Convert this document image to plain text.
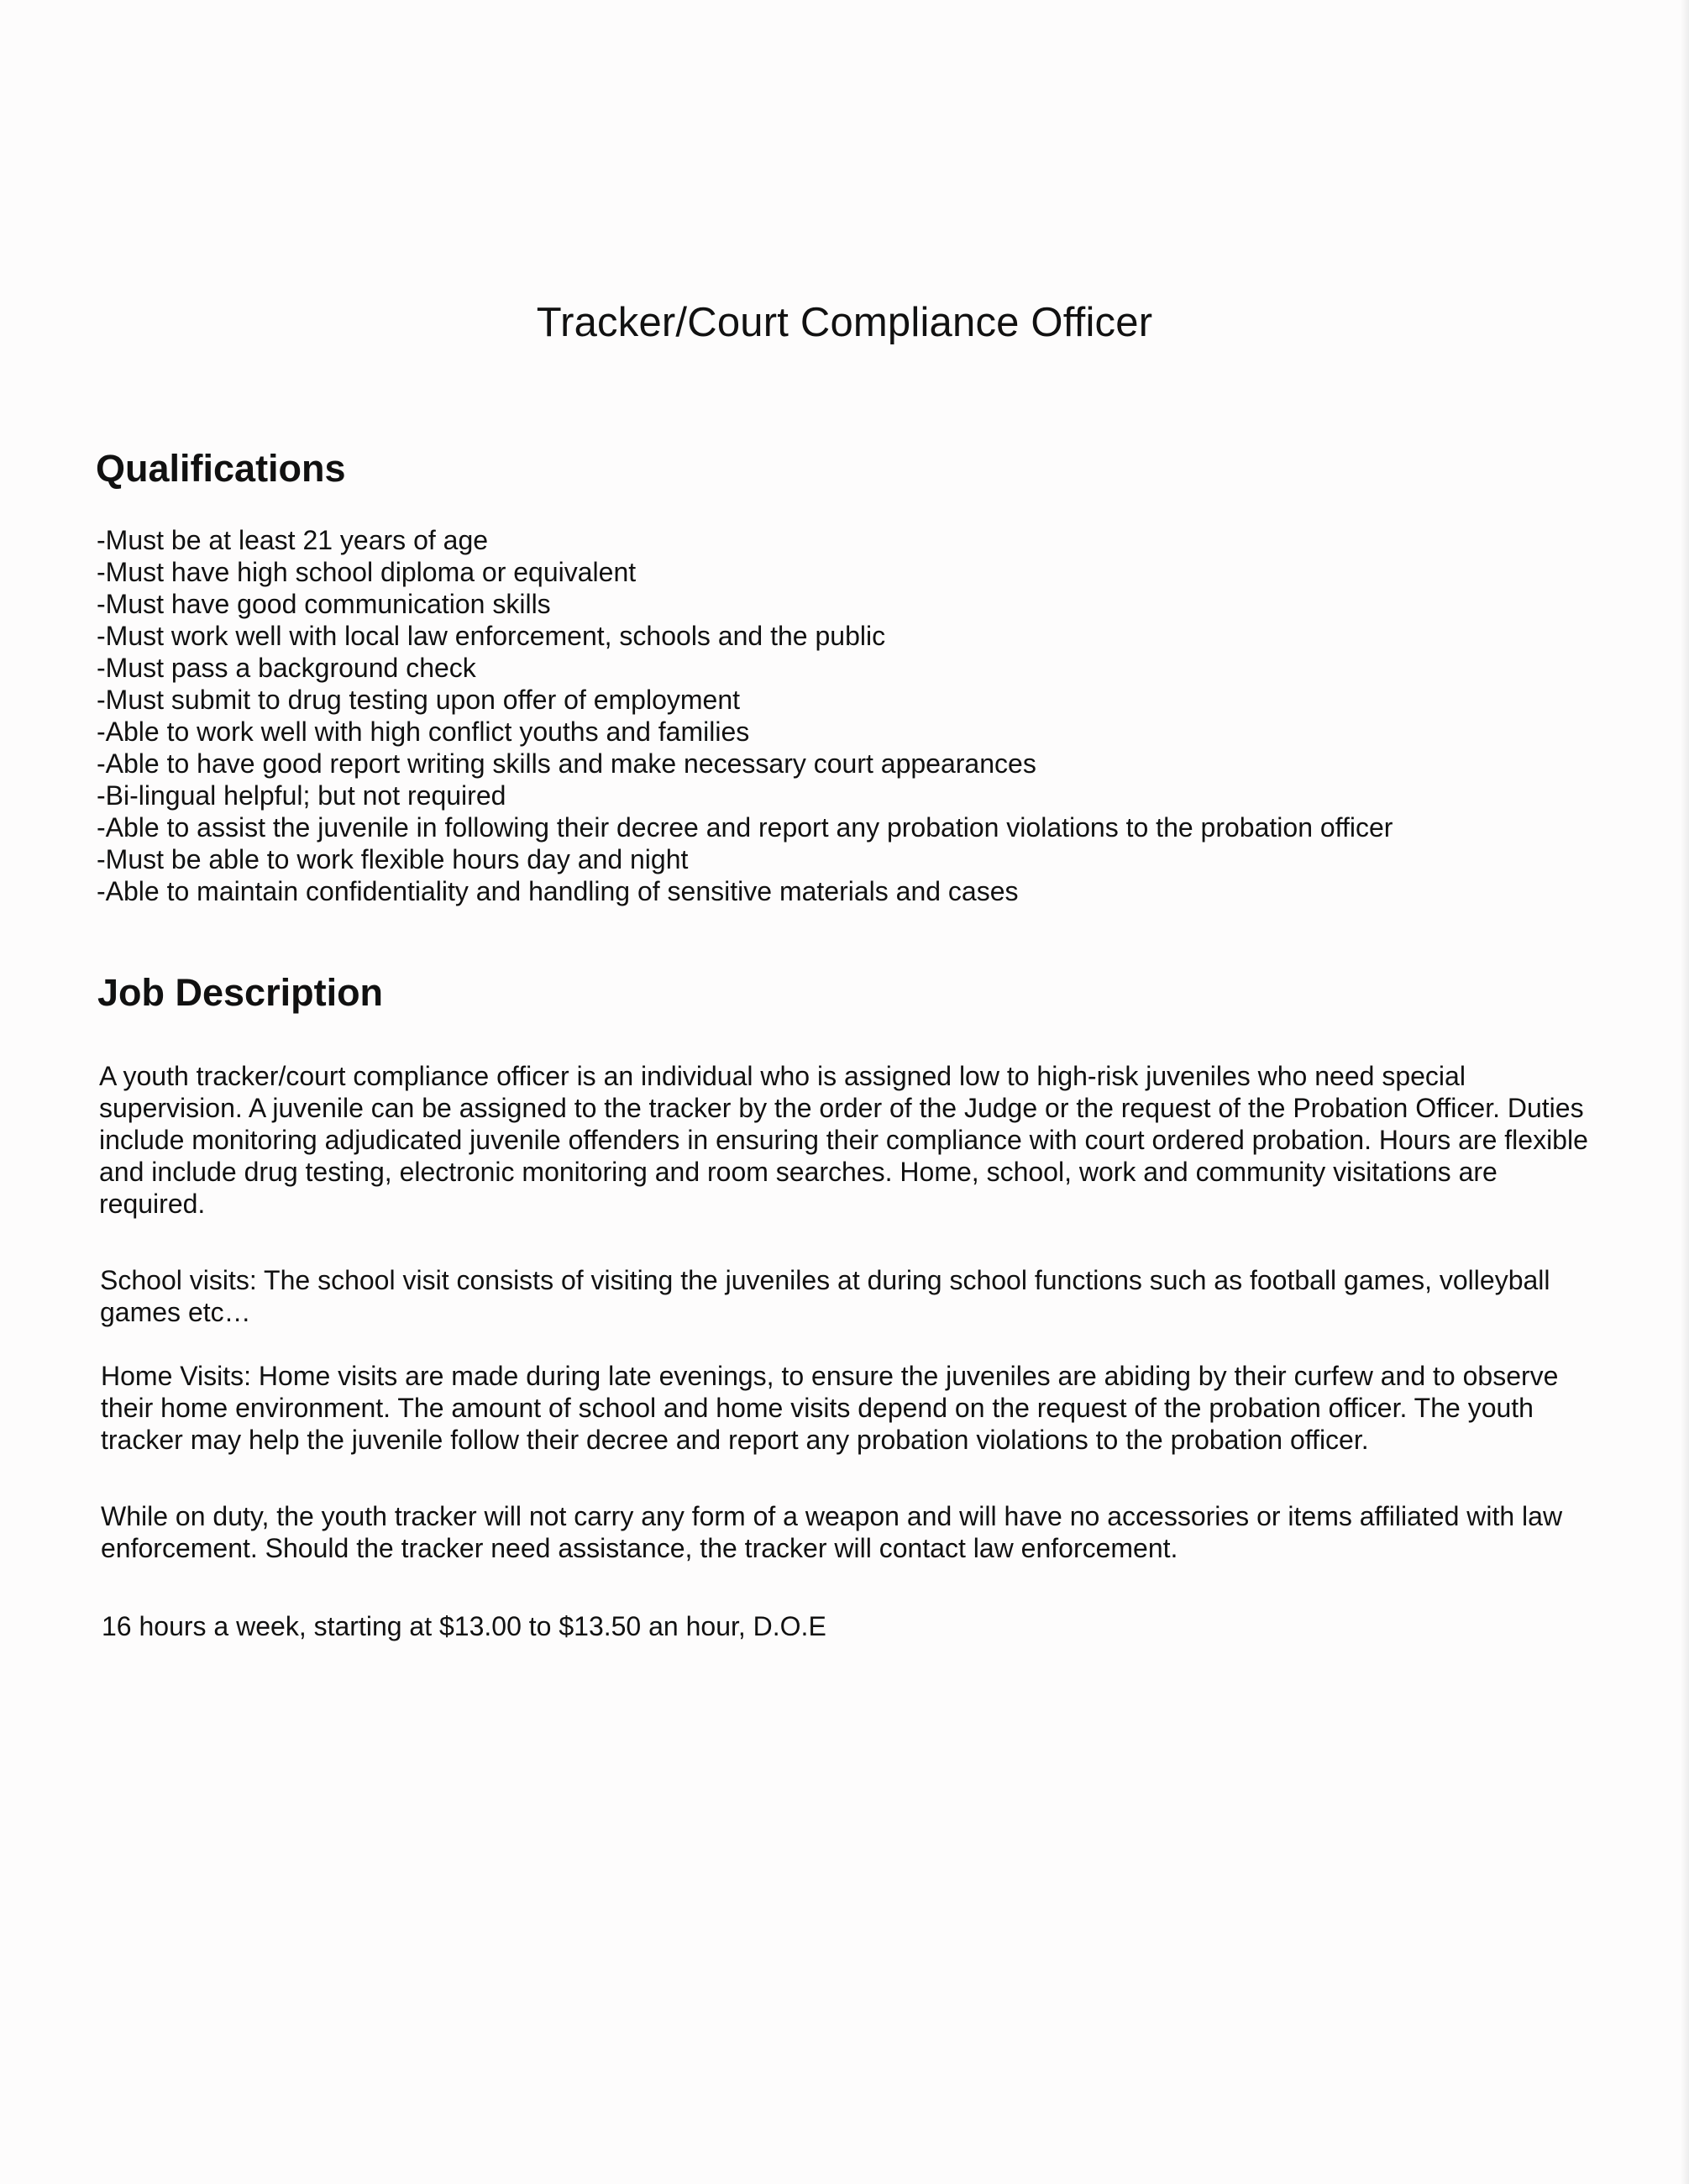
Tracker/Court Compliance Officer
Qualifications
-Must be at least 21 years of age
-Must have high school diploma or equivalent
-Must have good communication skills
-Must work well with local law enforcement, schools and the public
-Must pass a background check
-Must submit to drug testing upon offer of employment
-Able to work well with high conflict youths and families
-Able to have good report writing skills and make necessary court appearances
-Bi-lingual helpful; but not required
-Able to assist the juvenile in following their decree and report any probation violations to the probation officer
-Must be able to work flexible hours day and night
-Able to maintain confidentiality and handling of sensitive materials and cases
Job Description

A youth tracker/court compliance officer is an individual who is assigned low to high-risk juveniles who need special supervision. A juvenile can be assigned to the tracker by the order of the Judge or the request of the Probation Officer. Duties include monitoring adjudicated juvenile offenders in ensuring their compliance with court ordered probation. Hours are flexible and include drug testing, electronic monitoring and room searches. Home, school, work and community visitations are required.

School visits: The school visit consists of visiting the juveniles at during school functions such as football games, volleyball games etc…

Home Visits: Home visits are made during late evenings, to ensure the juveniles are abiding by their curfew and to observe their home environment. The amount of school and home visits depend on the request of the probation officer. The youth tracker may help the juvenile follow their decree and report any probation violations to the probation officer.

While on duty, the youth tracker will not carry any form of a weapon and will have no accessories or items affiliated with law enforcement. Should the tracker need assistance, the tracker will contact law enforcement.

16 hours a week, starting at $13.00 to $13.50 an hour, D.O.E
